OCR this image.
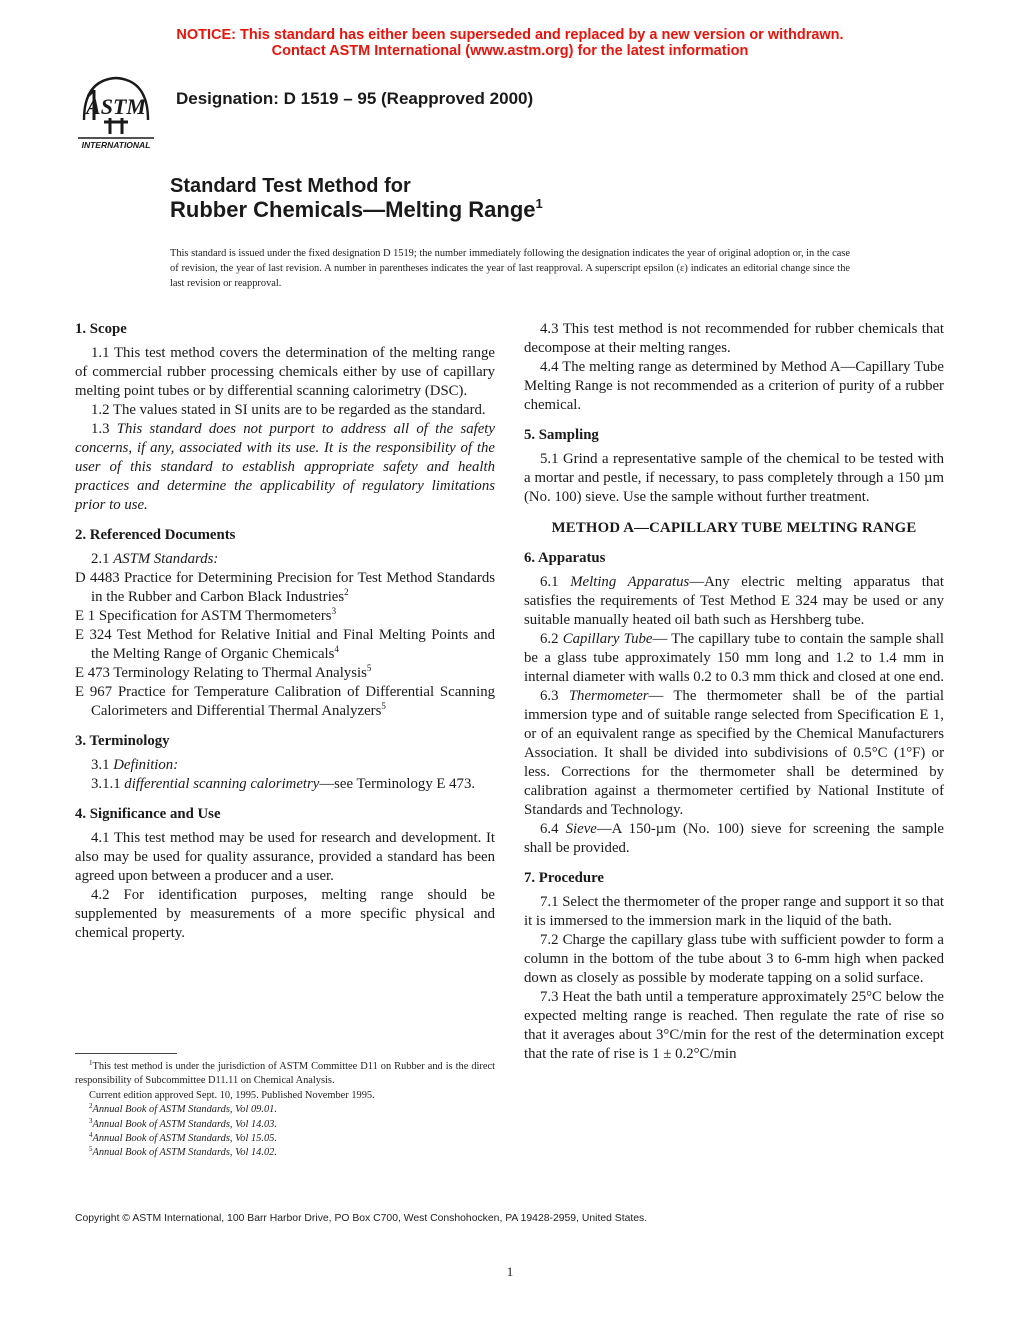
NOTICE: This standard has either been superseded and replaced by a new version or withdrawn.
Contact ASTM International (www.astm.org) for the latest information
ASTM
INTERNATIONAL
Designation: D 1519 – 95 (Reapproved 2000)
Standard Test Method for
Rubber Chemicals—Melting Range$^1$
This standard is issued under the fixed designation D 1519; the number immediately following the designation indicates the year of original adoption or, in the case of revision, the year of last revision. A number in parentheses indicates the year of last reapproval. A superscript epsilon (ε) indicates an editorial change since the last revision or reapproval.
1. Scope

1.1 This test method covers the determination of the melting range of commercial rubber processing chemicals either by use of capillary melting point tubes or by differential scanning calorimetry (DSC).

1.2 The values stated in SI units are to be regarded as the standard.

1.3 This standard does not purport to address all of the safety concerns, if any, associated with its use. It is the responsibility of the user of this standard to establish appropriate safety and health practices and determine the applicability of regulatory limitations prior to use.

2. Referenced Documents

2.1 ASTM Standards:

D 4483 Practice for Determining Precision for Test Method Standards in the Rubber and Carbon Black Industries$^2$

E 1 Specification for ASTM Thermometers$^3$

E 324 Test Method for Relative Initial and Final Melting Points and the Melting Range of Organic Chemicals$^4$

E 473 Terminology Relating to Thermal Analysis$^5$

E 967 Practice for Temperature Calibration of Differential Scanning Calorimeters and Differential Thermal Analyzers$^5$

3. Terminology

3.1 Definition:

3.1.1 differential scanning calorimetry—see Terminology E 473.

4. Significance and Use

4.1 This test method may be used for research and development. It also may be used for quality assurance, provided a standard has been agreed upon between a producer and a user.

4.2 For identification purposes, melting range should be supplemented by measurements of a more specific physical and chemical property.

4.3 This test method is not recommended for rubber chemicals that decompose at their melting ranges.

4.4 The melting range as determined by Method A—Capillary Tube Melting Range is not recommended as a criterion of purity of a rubber chemical.

5. Sampling

5.1 Grind a representative sample of the chemical to be tested with a mortar and pestle, if necessary, to pass completely through a 150 µm (No. 100) sieve. Use the sample without further treatment.

METHOD A—CAPILLARY TUBE MELTING RANGE

6. Apparatus

6.1 Melting Apparatus—Any electric melting apparatus that satisfies the requirements of Test Method E 324 may be used or any suitable manually heated oil bath such as Hershberg tube.

6.2 Capillary Tube— The capillary tube to contain the sample shall be a glass tube approximately 150 mm long and 1.2 to 1.4 mm in internal diameter with walls 0.2 to 0.3 mm thick and closed at one end.

6.3 Thermometer— The thermometer shall be of the partial immersion type and of suitable range selected from Specification E 1, or of an equivalent range as specified by the Chemical Manufacturers Association. It shall be divided into subdivisions of 0.5°C (1°F) or less. Corrections for the thermometer shall be determined by calibration against a thermometer certified by National Institute of Standards and Technology.

6.4 Sieve—A 150-µm (No. 100) sieve for screening the sample shall be provided.

7. Procedure

7.1 Select the thermometer of the proper range and support it so that it is immersed to the immersion mark in the liquid of the bath.

7.2 Charge the capillary glass tube with sufficient powder to form a column in the bottom of the tube about 3 to 6-mm high when packed down as closely as possible by moderate tapping on a solid surface.

7.3 Heat the bath until a temperature approximately 25°C below the expected melting range is reached. Then regulate the rate of rise so that it averages about 3°C/min for the rest of the determination except that the rate of rise is 1 ± 0.2°C/min

$^1$This test method is under the jurisdiction of ASTM Committee D11 on Rubber and is the direct responsibility of Subcommittee D11.11 on Chemical Analysis.

Current edition approved Sept. 10, 1995. Published November 1995.

$^2$Annual Book of ASTM Standards, Vol 09.01.

$^3$Annual Book of ASTM Standards, Vol 14.03.

$^4$Annual Book of ASTM Standards, Vol 15.05.

$^5$Annual Book of ASTM Standards, Vol 14.02.

Copyright © ASTM International, 100 Barr Harbor Drive, PO Box C700, West Conshohocken, PA 19428-2959, United States.
1
